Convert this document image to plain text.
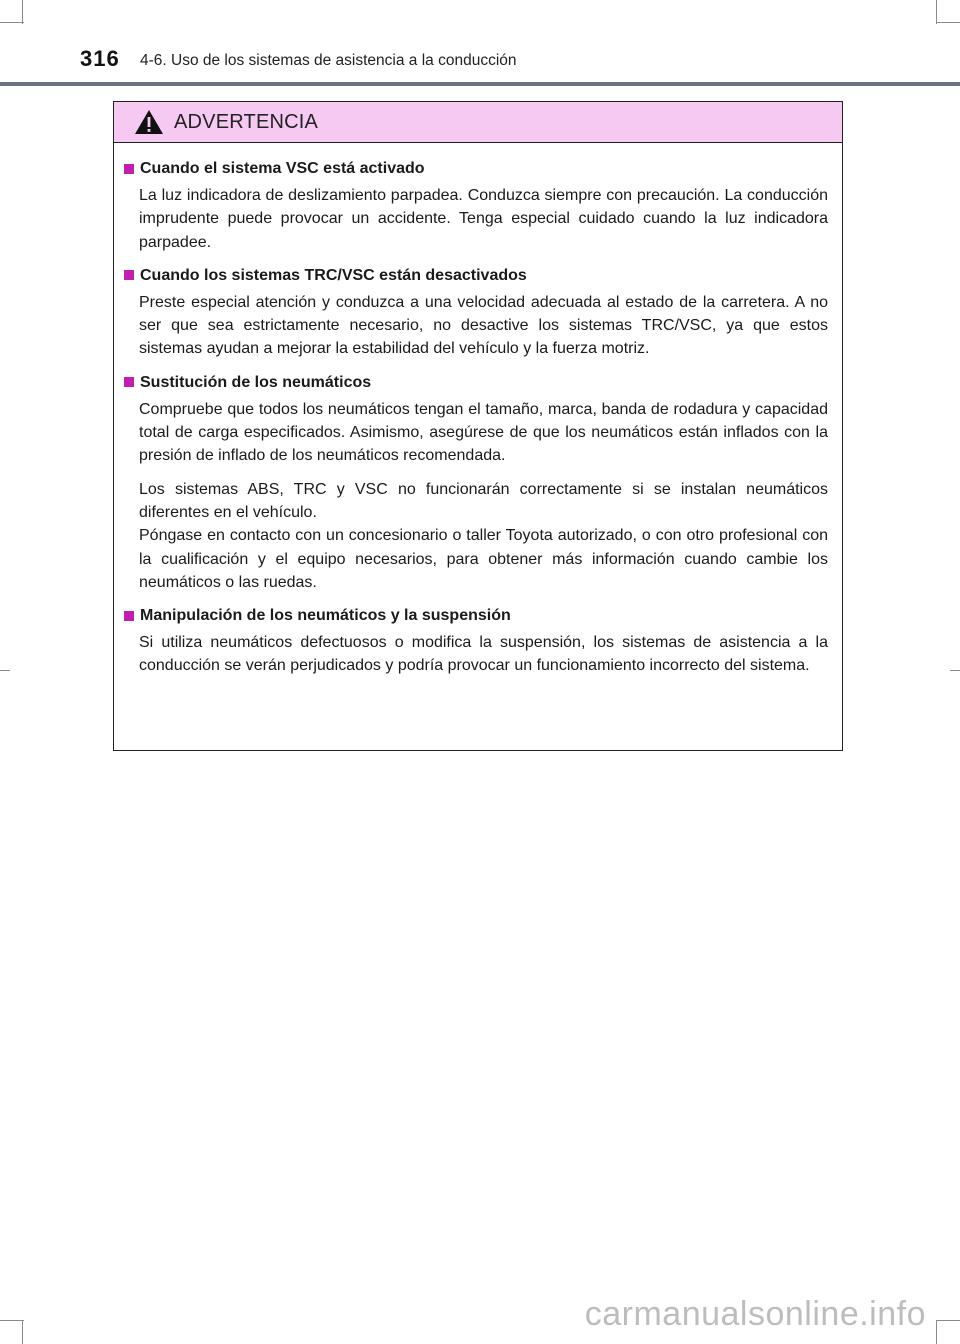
316 4-6. Uso de los sistemas de asistencia a la conducción
ADVERTENCIA
Cuando el sistema VSC está activado

La luz indicadora de deslizamiento parpadea. Conduzca siempre con precaución. La conducción imprudente puede provocar un accidente. Tenga especial cuidado cuando la luz indicadora parpadee.

Cuando los sistemas TRC/VSC están desactivados

Preste especial atención y conduzca a una velocidad adecuada al estado de la carretera. A no ser que sea estrictamente necesario, no desactive los sistemas TRC/VSC, ya que estos sistemas ayudan a mejorar la estabilidad del vehículo y la fuerza motriz.

Sustitución de los neumáticos

Compruebe que todos los neumáticos tengan el tamaño, marca, banda de rodadura y capacidad total de carga especificados. Asimismo, asegúrese de que los neumáticos están inflados con la presión de inflado de los neumáticos recomendada.

Los sistemas ABS, TRC y VSC no funcionarán correctamente si se instalan neumáticos diferentes en el vehículo.
Póngase en contacto con un concesionario o taller Toyota autorizado, o con otro profesional con la cualificación y el equipo necesarios, para obtener más información cuando cambie los neumáticos o las ruedas.

Manipulación de los neumáticos y la suspensión

Si utiliza neumáticos defectuosos o modifica la suspensión, los sistemas de asistencia a la conducción se verán perjudicados y podría provocar un funcionamiento incorrecto del sistema.

carmanualsonline.info
